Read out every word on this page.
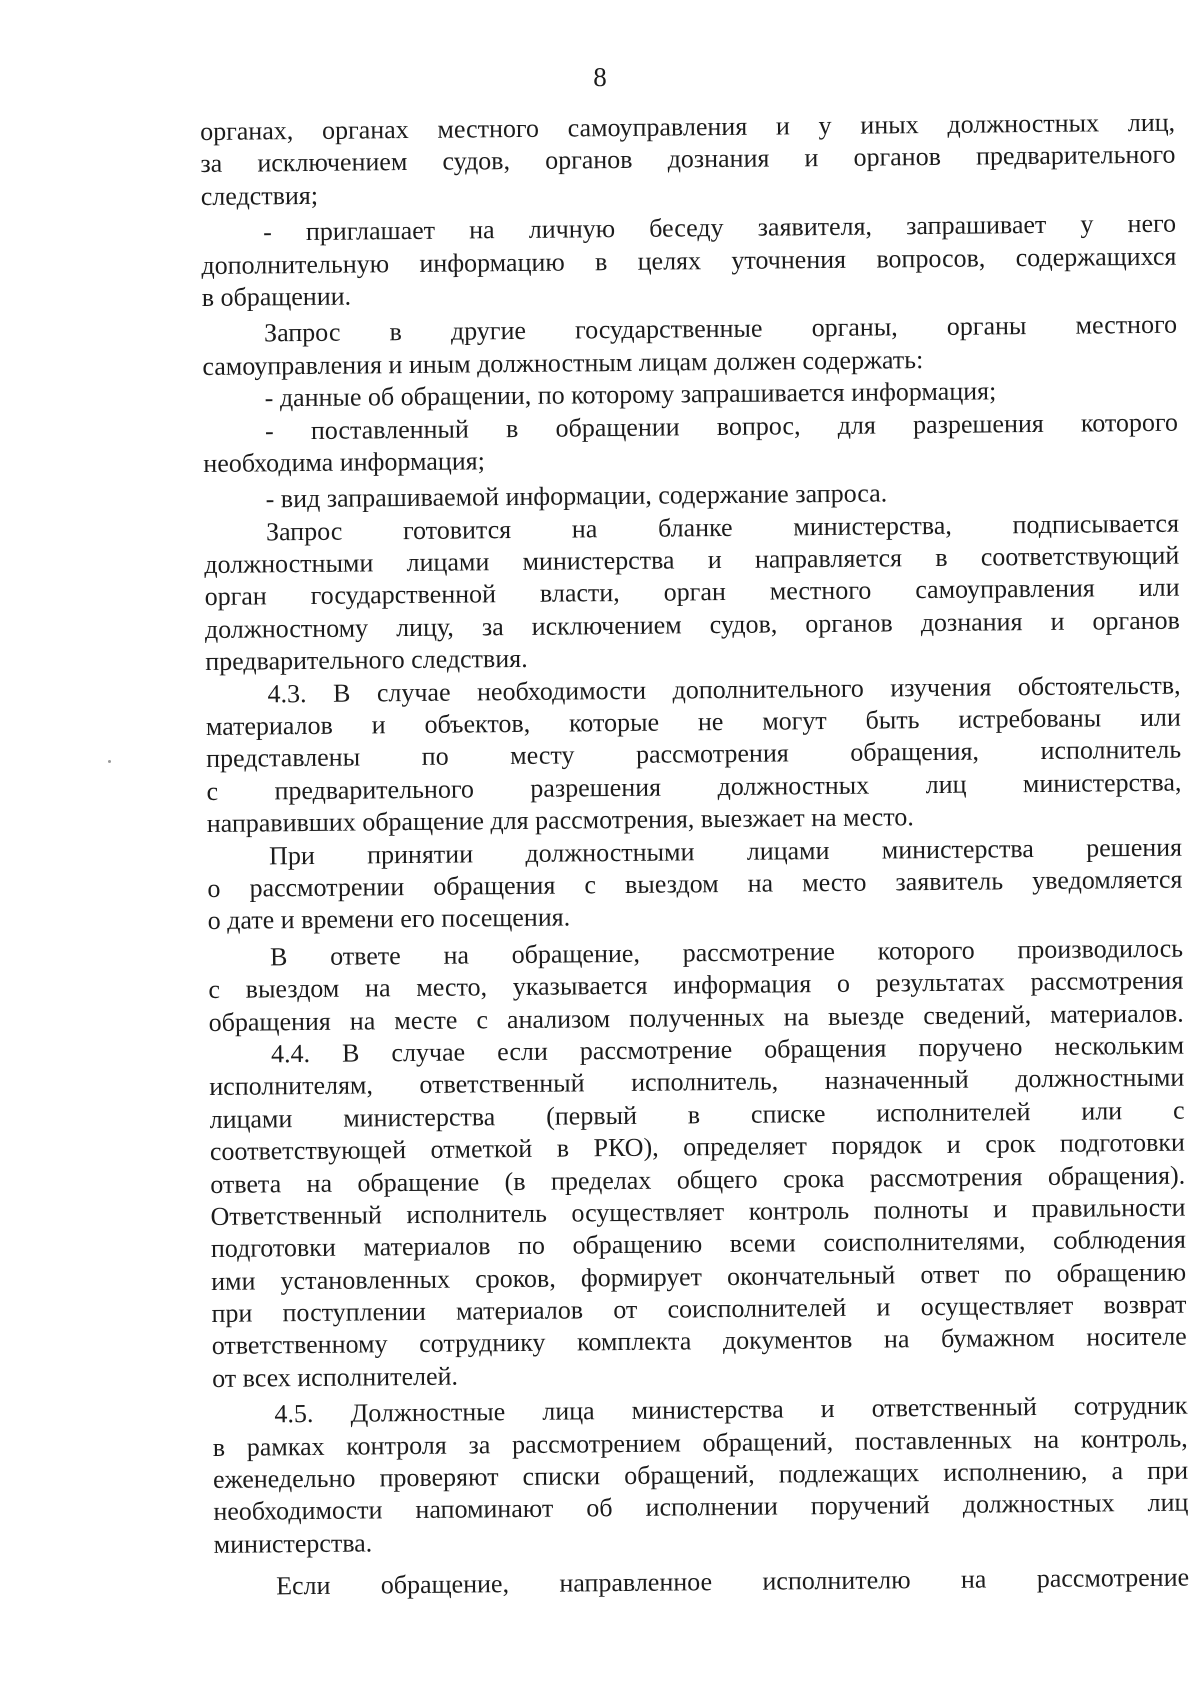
8
органах, органах местного самоуправления и у иных должностных лиц,
за исключением судов, органов дознания и органов предварительного
следствия;
- приглашает на личную беседу заявителя, запрашивает у него
дополнительную информацию в целях уточнения вопросов, содержащихся
в обращении.
Запрос в другие государственные органы, органы местного
самоуправления и иным должностным лицам должен содержать:
- данные об обращении, по которому запрашивается информация;
- поставленный в обращении вопрос, для разрешения которого
необходима информация;
- вид запрашиваемой информации, содержание запроса.
Запрос готовится на бланке министерства, подписывается
должностными лицами министерства и направляется в соответствующий
орган государственной власти, орган местного самоуправления или
должностному лицу, за исключением судов, органов дознания и органов
предварительного следствия.
4.3. В случае необходимости дополнительного изучения обстоятельств,
материалов и объектов, которые не могут быть истребованы или
представлены по месту рассмотрения обращения, исполнитель
с предварительного разрешения должностных лиц министерства,
направивших обращение для рассмотрения, выезжает на место.
При принятии должностными лицами министерства решения
о рассмотрении обращения с выездом на место заявитель уведомляется
о дате и времени его посещения.
В ответе на обращение, рассмотрение которого производилось
с выездом на место, указывается информация о результатах рассмотрения
обращения на месте с анализом полученных на выезде сведений, материалов.
4.4. В случае если рассмотрение обращения поручено нескольким
исполнителям, ответственный исполнитель, назначенный должностными
лицами министерства (первый в списке исполнителей или с
соответствующей отметкой в РКО), определяет порядок и срок подготовки
ответа на обращение (в пределах общего срока рассмотрения обращения).
Ответственный исполнитель осуществляет контроль полноты и правильности
подготовки материалов по обращению всеми соисполнителями, соблюдения
ими установленных сроков, формирует окончательный ответ по обращению
при поступлении материалов от соисполнителей и осуществляет возврат
ответственному сотруднику комплекта документов на бумажном носителе
от всех исполнителей.
4.5. Должностные лица министерства и ответственный сотрудник
в рамках контроля за рассмотрением обращений, поставленных на контроль,
еженедельно проверяют списки обращений, подлежащих исполнению, а при
необходимости напоминают об исполнении поручений должностных лиц
министерства.
Если обращение, направленное исполнителю на рассмотрение
